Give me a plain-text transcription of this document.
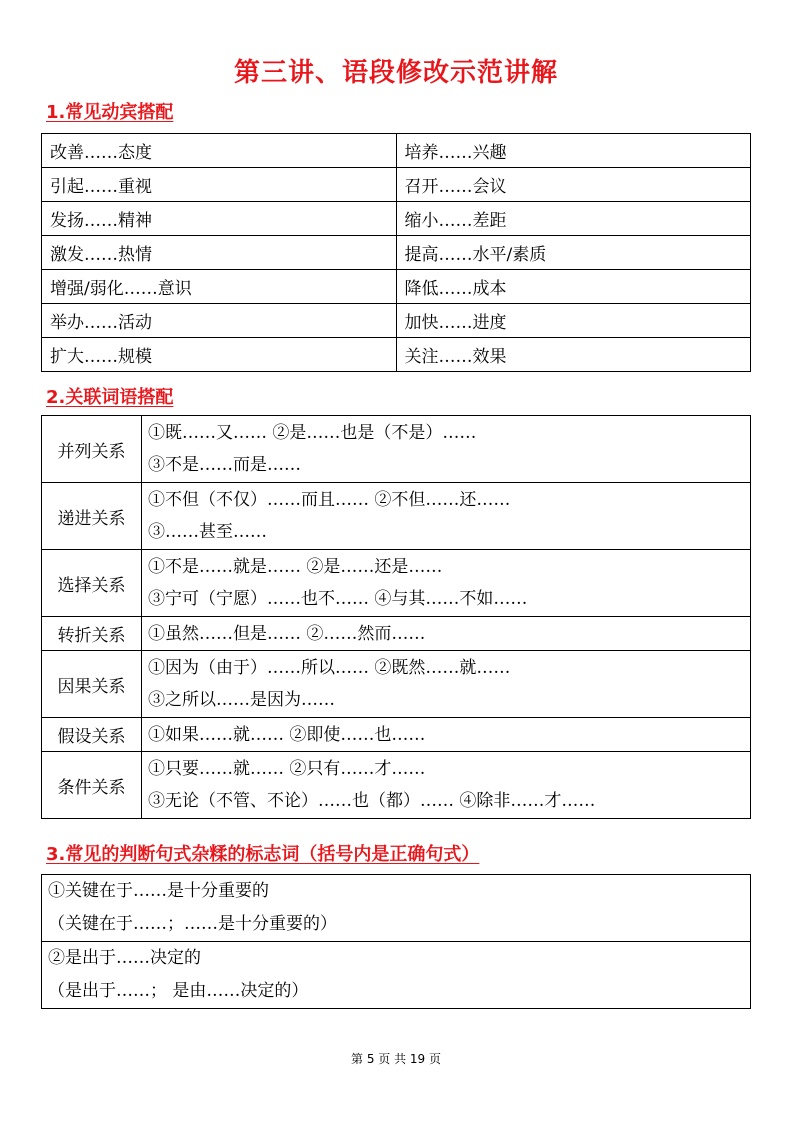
第三讲、语段修改示范讲解
1.常见动宾搭配
改善……态度	培养……兴趣
引起……重视	召开……会议
发扬……精神	缩小……差距
激发……热情	提高……水平/素质
增强/弱化……意识	降低……成本
举办……活动	加快……进度
扩大……规模	关注……效果
2.关联词语搭配
并列关系	①既……又…… ②是……也是（不是）……
③不是……而是……

递进关系	①不但（不仅）……而且…… ②不但……还……
③……甚至……

选择关系	①不是……就是…… ②是……还是……
③宁可（宁愿）……也不…… ④与其……不如……

转折关系	①虽然……但是…… ②……然而……

因果关系	①因为（由于）……所以…… ②既然……就……
③之所以……是因为……

假设关系	①如果……就…… ②即使……也……

条件关系	①只要……就…… ②只有……才……
③无论（不管、不论）……也（都）…… ④除非……才……
3.常见的判断句式杂糅的标志词（括号内是正确句式）
①关键在于……是十分重要的
（关键在于……；……是十分重要的）

②是出于……决定的
（是出于……； 是由……决定的）
第 5 页 共 19 页
